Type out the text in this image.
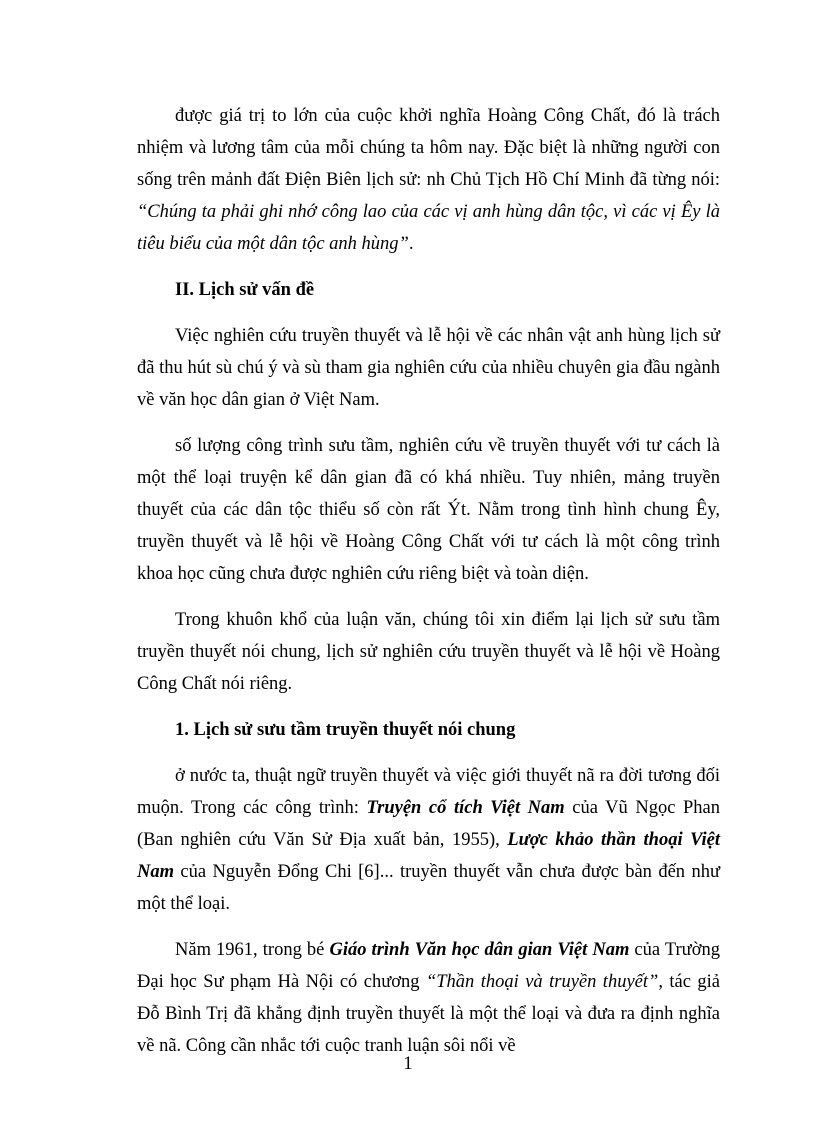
được giá trị to lớn của cuộc khởi nghĩa Hoàng Công Chất, đó là trách nhiệm và lương tâm của mỗi chúng ta hôm nay. Đặc biệt là những người con sống trên mảnh đất Điện Biên lịch sử: nh Chủ Tịch Hồ Chí Minh đã từng nói: “Chúng ta phải ghi nhớ công lao của các vị anh hùng dân tộc, vì các vị Êy là tiêu biểu của một dân tộc anh hùng”.

II. Lịch sử vấn đề

Việc nghiên cứu truyền thuyết và lễ hội về các nhân vật anh hùng lịch sử đã thu hút sù chú ý và sù tham gia nghiên cứu của nhiều chuyên gia đầu ngành về văn học dân gian ở Việt Nam.

số lượng công trình sưu tầm, nghiên cứu về truyền thuyết với tư cách là một thể loại truyện kể dân gian đã có khá nhiều. Tuy nhiên, mảng truyền thuyết của các dân tộc thiểu số còn rất Ýt. Nằm trong tình hình chung Êy, truyền thuyết và lễ hội về Hoàng Công Chất với tư cách là một công trình khoa học cũng chưa được nghiên cứu riêng biệt và toàn diện.

Trong khuôn khổ của luận văn, chúng tôi xin điểm lại lịch sử sưu tầm truyền thuyết nói chung, lịch sử nghiên cứu truyền thuyết và lễ hội về Hoàng Công Chất nói riêng.

1. Lịch sử sưu tầm truyền thuyết nói chung

ở nước ta, thuật ngữ truyền thuyết và việc giới thuyết nã ra đời tương đối muộn. Trong các công trình: Truyện cổ tích Việt Nam của Vũ Ngọc Phan (Ban nghiên cứu Văn Sử Địa xuất bản, 1955), Lược khảo thần thoại Việt Nam của Nguyễn Đổng Chi [6]... truyền thuyết vẫn chưa được bàn đến như một thể loại.

Năm 1961, trong bé Giáo trình Văn học dân gian Việt Nam của Trường Đại học Sư phạm Hà Nội có chương “Thần thoại và truyền thuyết”, tác giả Đỗ Bình Trị đã khẳng định truyền thuyết là một thể loại và đưa ra định nghĩa về nã. Công cần nhắc tới cuộc tranh luận sôi nổi về

1
